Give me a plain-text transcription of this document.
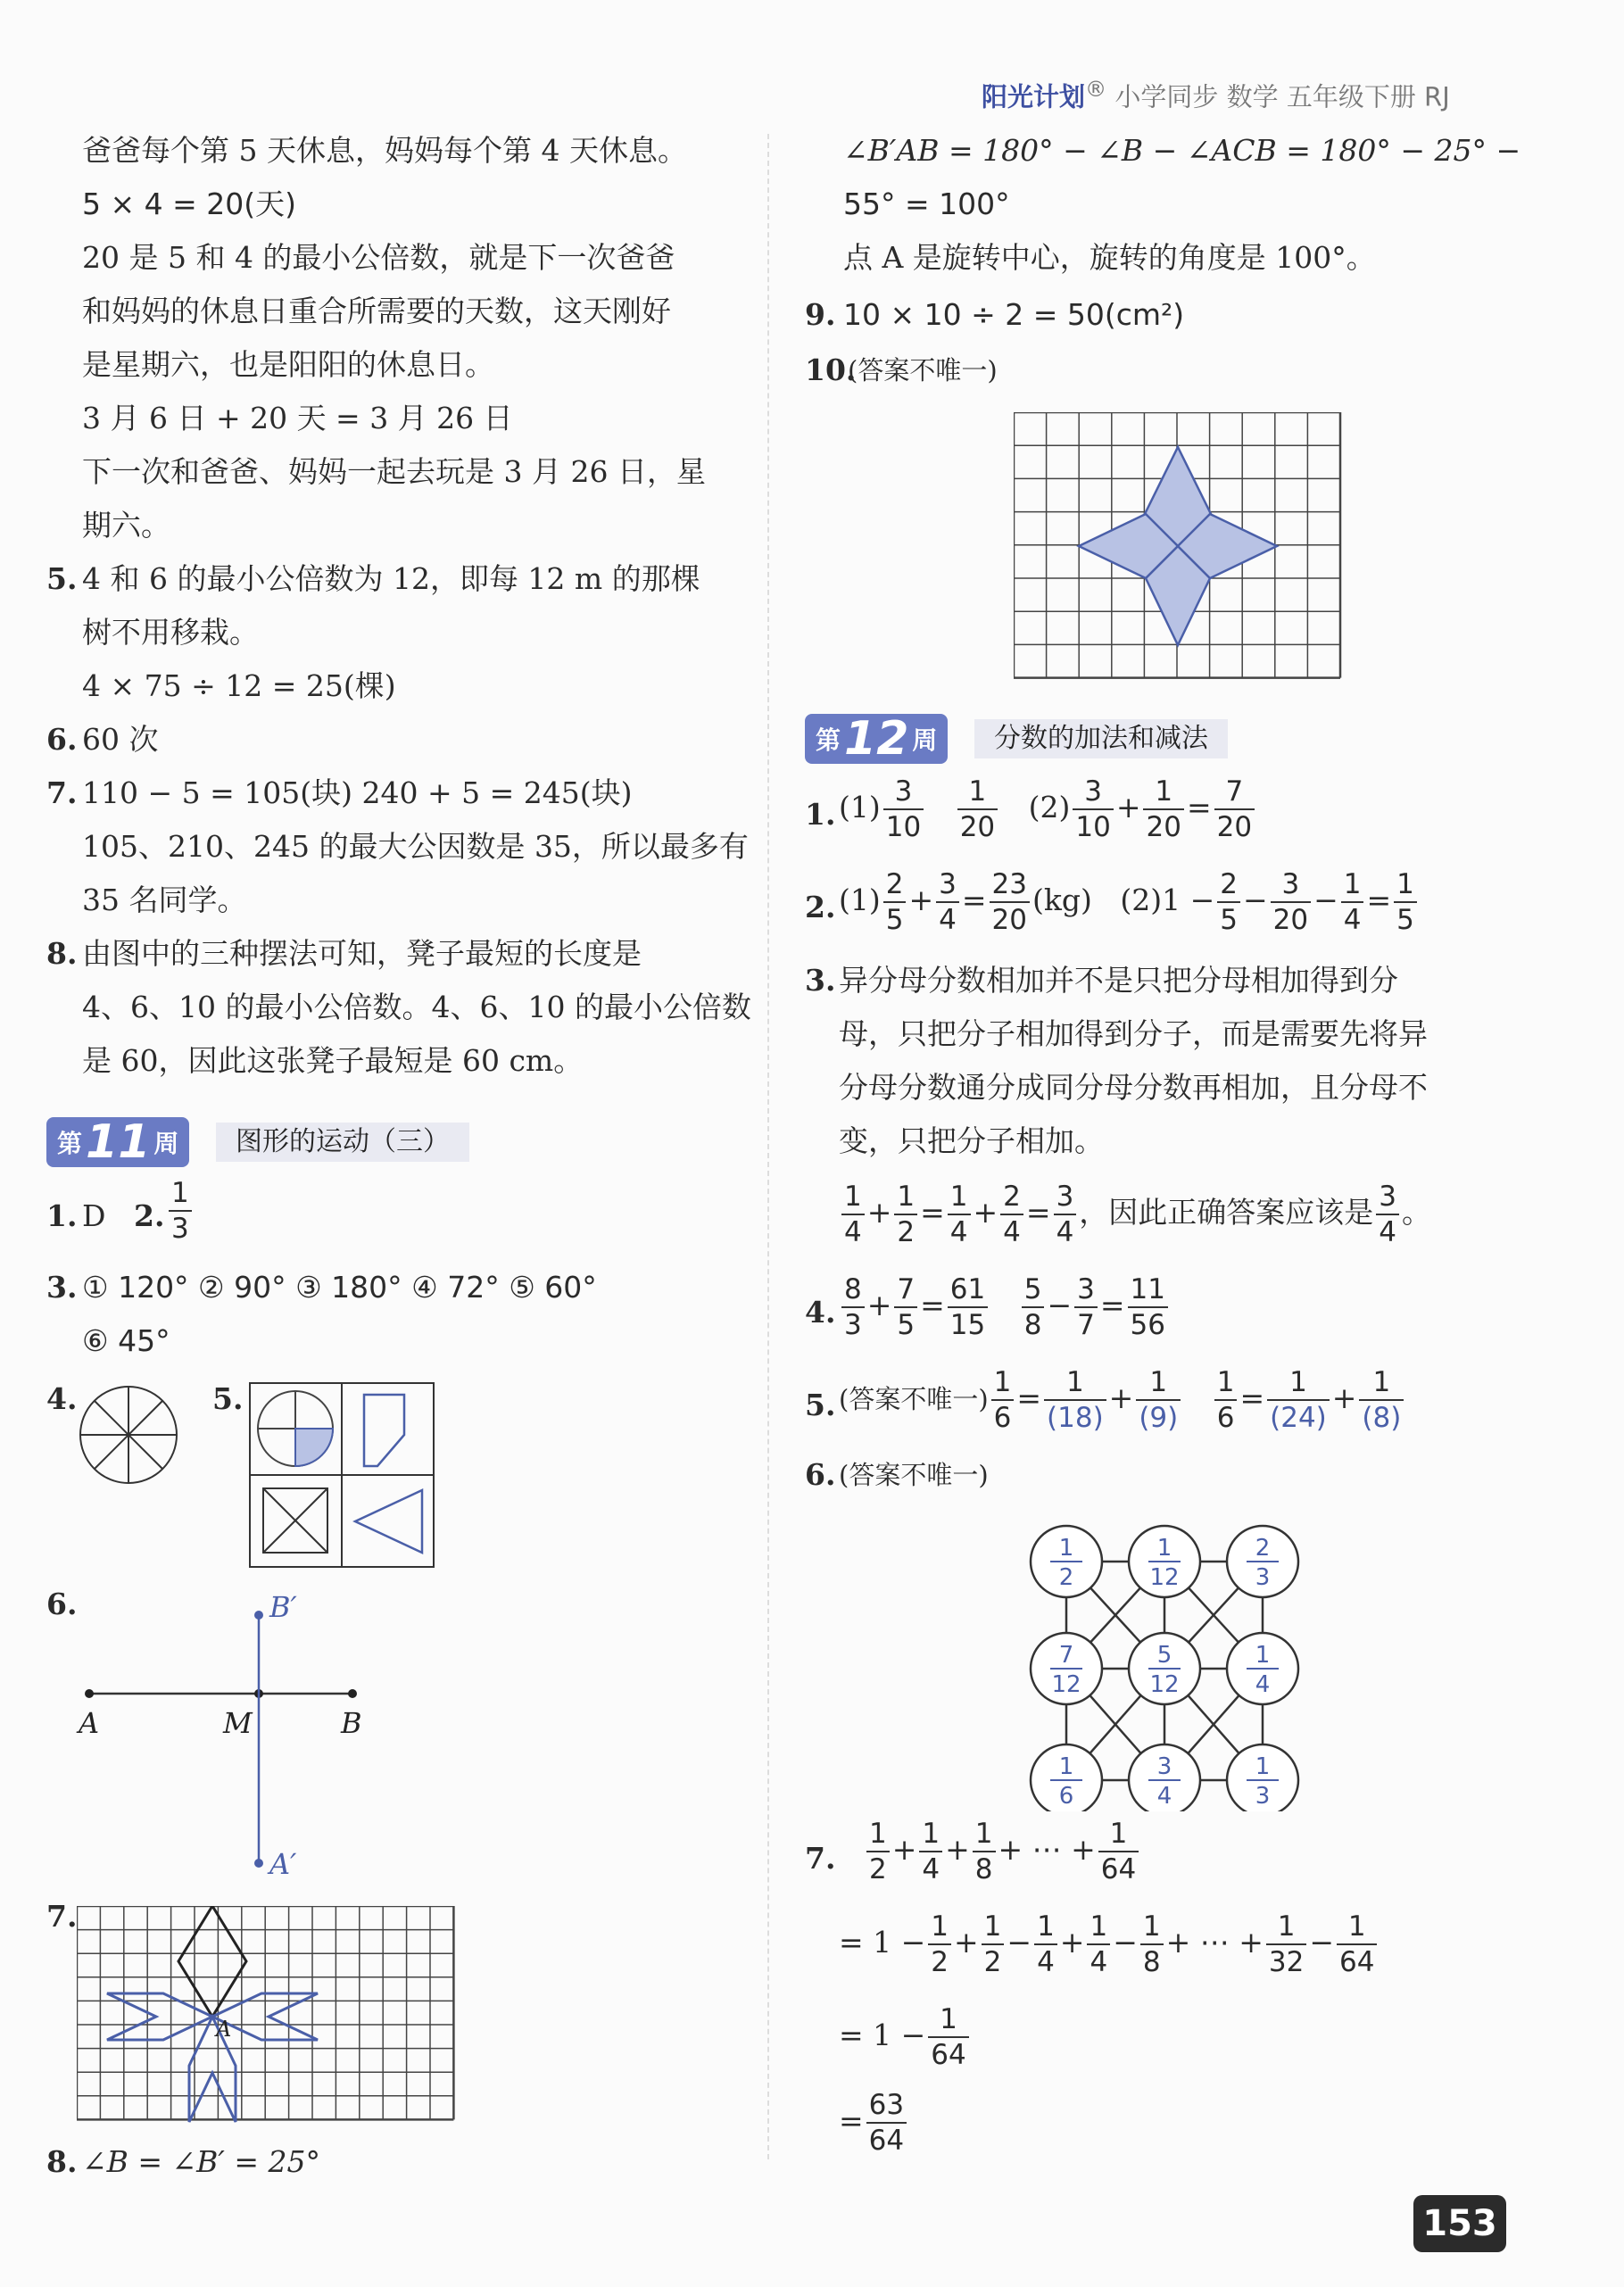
阳光计划® 小学同步 数学 五年级下册 RJ
爸爸每个第 5 天休息，妈妈每个第 4 天休息。
5 × 4 = 20(天)
20 是 5 和 4 的最小公倍数，就是下一次爸爸
和妈妈的休息日重合所需要的天数，这天刚好
是星期六，也是阳阳的休息日。
3 月 6 日 + 20 天 = 3 月 26 日
下一次和爸爸、妈妈一起去玩是 3 月 26 日，星
期六。
5. 4 和 6 的最小公倍数为 12，即每 12 m 的那棵
树不用移栽。
4 × 75 ÷ 12 = 25(棵)
6. 60 次
7. 110 − 5 = 105(块) 240 + 5 = 245(块)
105、210、245 的最大公因数是 35，所以最多有
35 名同学。
8. 由图中的三种摆法可知，凳子最短的长度是
4、6、10 的最小公倍数。4、6、10 的最小公倍数
是 60，因此这张凳子最短是 60 cm。
第 11 周	图形的运动（三）
1. D 2. $\frac{1}{3}$
3. ① 120° ② 90° ③ 180° ④ 72° ⑤ 60°
⑥ 45°
4.	5.
6.	B′
A′
A	M	B
7.
A
8. ∠B = ∠B′ = 25°
∠B′AB = 180° − ∠B − ∠ACB = 180° − 25° −
55° = 100°
点 A 是旋转中心，旋转的角度是 100°。
9. 10 × 10 ÷ 2 = 50(cm²)
10.
(答案不唯一)
第 12 周	分数的加法和减法
1. $(1) \frac{3}{10}$
$\frac{1}{20} (2) \frac{3}{10} + \frac{1}{20} = \frac{7}{20}$
2. $(1) \frac{2}{5} + \frac{3}{4} = \frac{23}{20} (kg) (2)1 - \frac{2}{5} - \frac{3}{20} - \frac{1}{4} = \frac{1}{5}$
3. 异分母分数相加并不是只把分母相加得到分
母，只把分子相加得到分子，而是需要先将异
分母分数通分成同分母分数再相加，且分母不
变，只把分子相加。
$\frac{1}{4} + \frac{1}{2} = \frac{1}{4} + \frac{2}{4} = \frac{3}{4}$ ，因此正确答案应该是 $\frac{3}{4}$ 。
4. $\frac{8}{3} + \frac{7}{5} = \frac{61}{15}$
$\frac{5}{8} - \frac{3}{7} = \frac{11}{56}$
5. (答案不唯一) $\frac{1}{6} = \frac{1}{(18)} + \frac{1}{(9)}$
$\frac{1}{6} = \frac{1}{(24)} + \frac{1}{(8)}$
6. (答案不唯一)
1
2
1
12
2
3
7
12
5
12
1
4
1
6
3
4
1
3
7. $\frac{1}{2} + \frac{1}{4} + \frac{1}{8}$ + ⋯ + $\frac{1}{64}$
= $1 - \frac{1}{2} + \frac{1}{2} - \frac{1}{4} + \frac{1}{4} - \frac{1}{8}$ + ⋯ + $\frac{1}{32} - \frac{1}{64}$
= $1 - \frac{1}{64}$
= $\frac{63}{64}$
153
